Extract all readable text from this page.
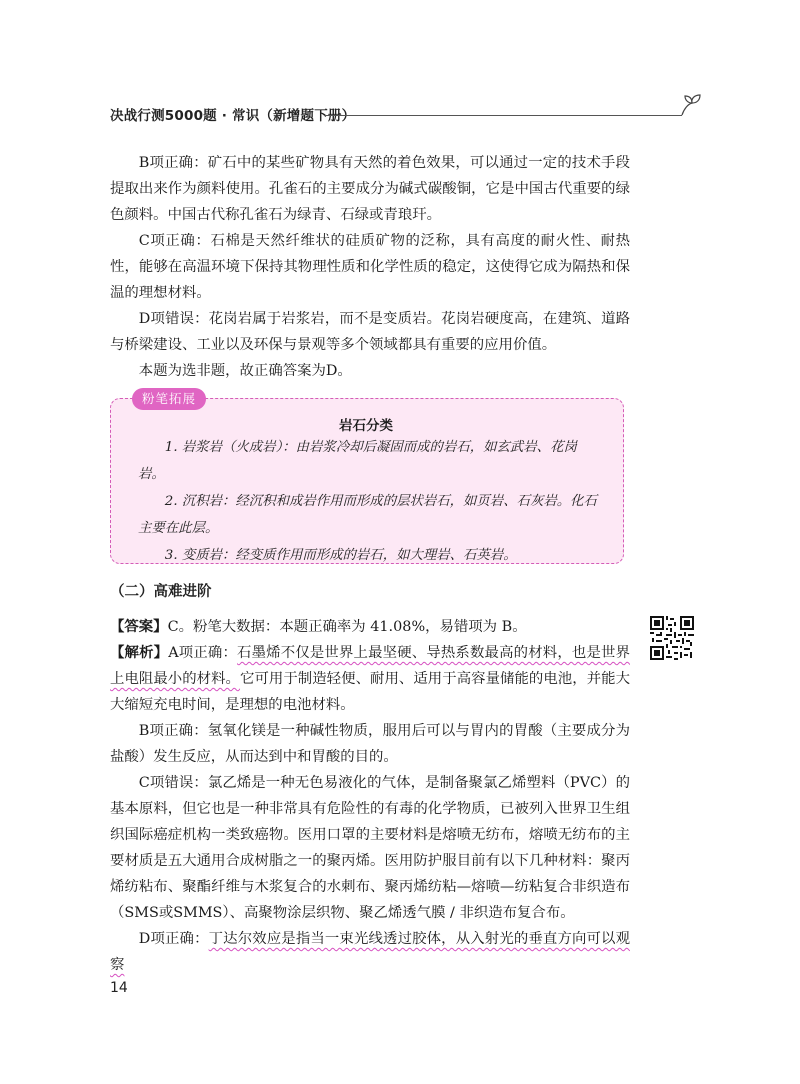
决战行测5000题 · 常识（新增题下册）

B项正确：矿石中的某些矿物具有天然的着色效果，可以通过一定的技术手段提取出来作为颜料使用。孔雀石的主要成分为碱式碳酸铜，它是中国古代重要的绿色颜料。中国古代称孔雀石为绿青、石绿或青琅玕。

C项正确：石棉是天然纤维状的硅质矿物的泛称，具有高度的耐火性、耐热性，能够在高温环境下保持其物理性质和化学性质的稳定，这使得它成为隔热和保温的理想材料。

D项错误：花岗岩属于岩浆岩，而不是变质岩。花岗岩硬度高，在建筑、道路与桥梁建设、工业以及环保与景观等多个领域都具有重要的应用价值。

本题为选非题，故正确答案为D。

粉笔拓展
岩石分类

1. 岩浆岩（火成岩）：由岩浆冷却后凝固而成的岩石，如玄武岩、花岗岩。

2. 沉积岩：经沉积和成岩作用而形成的层状岩石，如页岩、石灰岩。化石主要在此层。

3. 变质岩：经变质作用而形成的岩石，如大理岩、石英岩。

（二）高难进阶

【答案】C。粉笔大数据：本题正确率为 41.08%，易错项为 B。

【解析】A项正确：石墨烯不仅是世界上最坚硬、导热系数最高的材料，也是世界上电阻最小的材料。它可用于制造轻便、耐用、适用于高容量储能的电池，并能大大缩短充电时间，是理想的电池材料。

B项正确：氢氧化镁是一种碱性物质，服用后可以与胃内的胃酸（主要成分为盐酸）发生反应，从而达到中和胃酸的目的。

C项错误：氯乙烯是一种无色易液化的气体，是制备聚氯乙烯塑料（PVC）的基本原料，但它也是一种非常具有危险性的有毒的化学物质，已被列入世界卫生组织国际癌症机构一类致癌物。医用口罩的主要材料是熔喷无纺布，熔喷无纺布的主要材质是五大通用合成树脂之一的聚丙烯。医用防护服目前有以下几种材料：聚丙烯纺粘布、聚酯纤维与木浆复合的水刺布、聚丙烯纺粘—熔喷—纺粘复合非织造布（SMS或SMMS）、高聚物涂层织物、聚乙烯透气膜 / 非织造布复合布。

D项正确：丁达尔效应是指当一束光线透过胶体，从入射光的垂直方向可以观察

14
